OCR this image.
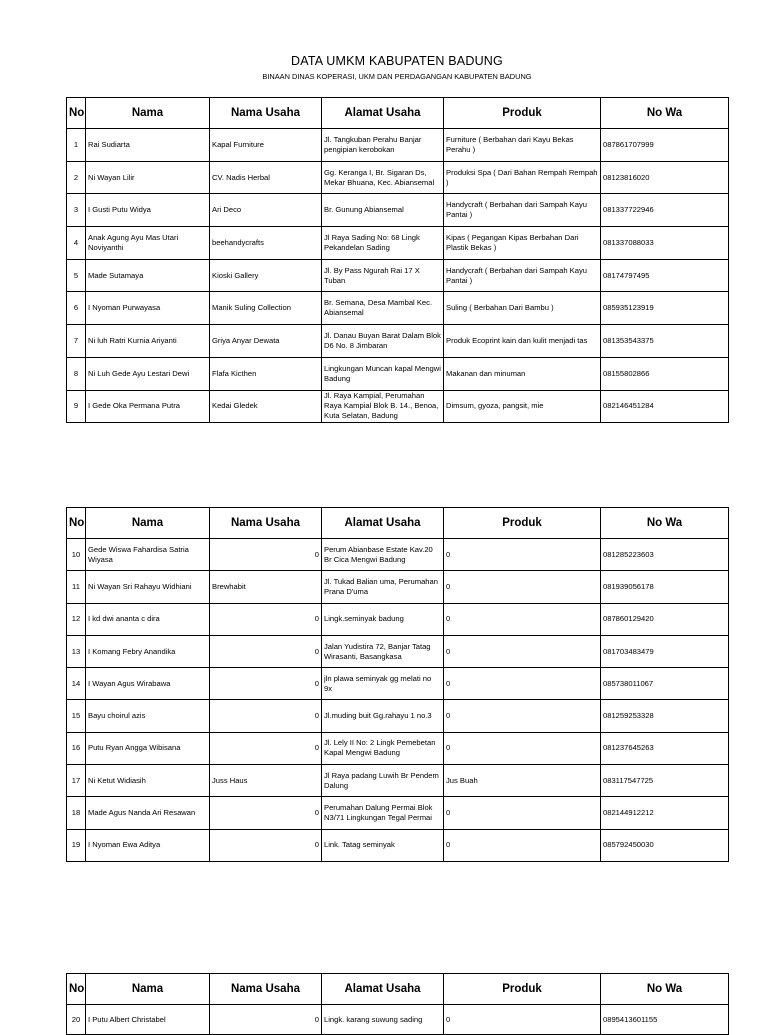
DATA UMKM KABUPATEN BADUNG
BINAAN DINAS KOPERASI, UKM DAN PERDAGANGAN KABUPATEN BADUNG
No	Nama	Nama Usaha	Alamat Usaha	Produk	No Wa
1	Rai Sudiarta	Kapal Furniture	Jl. Tangkuban Perahu Banjar pengipian kerobokan	Furniture ( Berbahan dari Kayu Bekas Perahu )	087861707999
2	Ni Wayan Lilir	CV. Nadis Herbal	Gg. Keranga I, Br. Sigaran Ds, Mekar Bhuana, Kec. Abiansemal	Produksi Spa ( Dari Bahan Rempah Rempah )	08123816020
3	I Gusti Putu Widya	Ari Deco	Br. Gunung Abiansemal	Handycraft ( Berbahan dari Sampah Kayu Pantai )	081337722946
4	Anak Agung Ayu Mas Utari Noviyanthi	beehandycrafts	Jl Raya Sading No: 68 Lingk Pekandelan Sading	Kipas ( Pegangan Kipas Berbahan Dari Plastik Bekas )	081337088033
5	Made Sutamaya	Kioski Gallery	Jl. By Pass Ngurah Rai 17 X Tuban	Handycraft ( Berbahan dari Sampah Kayu Pantai )	08174797495
6	I Nyoman Purwayasa	Manik Suling Collection	Br. Semana, Desa Mambal Kec. Abiansemal	Suling ( Berbahan Dari Bambu )	085935123919
7	Ni luh Ratri Kurnia Ariyanti	Griya Anyar Dewata	Jl. Danau Buyan Barat Dalam Blok D6 No. 8 Jimbaran	Produk Ecoprint kain dan kulit menjadi tas	081353543375
8	Ni Luh Gede Ayu Lestari Dewi	Flafa Kicthen	Lingkungan Muncan kapal Mengwi Badung	Makanan dan minuman	08155802866
9	I Gede Oka Permana Putra	Kedai Gledek	Jl. Raya Kampial, Perumahan Raya Kampial Blok B. 14., Benoa, Kuta Selatan, Badung	Dimsum, gyoza, pangsit, mie	082146451284
No	Nama	Nama Usaha	Alamat Usaha	Produk	No Wa
10	Gede Wiswa Fahardisa Satria Wiyasa	0	Perum Abianbase Estate Kav.20 Br Cica Mengwi Badung	0	081285223603
11	Ni Wayan Sri Rahayu Widhiani	Brewhabit	Jl. Tukad Balian uma, Perumahan Prana D'uma	0	081939056178
12	I kd dwi ananta c dira	0	Lingk.seminyak badung	0	087860129420
13	I Komang Febry Anandika	0	Jalan Yudistira 72, Banjar Tatag Wirasanti, Basangkasa	0	081703483479
14	I Wayan Agus Wirabawa	0	jln plawa seminyak gg melati no 9x	0	085738011067
15	Bayu choirul azis	0	Jl.muding buit Gg.rahayu 1 no.3	0	081259253328
16	Putu Ryan Angga Wibisana	0	Jl. Lely II No: 2 Lingk Pemebetan Kapal Mengwi Badung	0	081237645263
17	Ni Ketut Widiasih	Juss Haus	Jl Raya padang Luwih Br Pendem Dalung	Jus Buah	083117547725
18	Made Agus Nanda Ari Resawan	0	Perumahan Dalung Permai Blok N3/71 Lingkungan Tegal Permai	0	082144912212
19	I Nyoman Ewa Aditya	0	Link. Tatag seminyak	0	085792450030
No	Nama	Nama Usaha	Alamat Usaha	Produk	No Wa
20	I Putu Albert Christabel	0	Lingk. karang suwung sading	0	0895413601155
